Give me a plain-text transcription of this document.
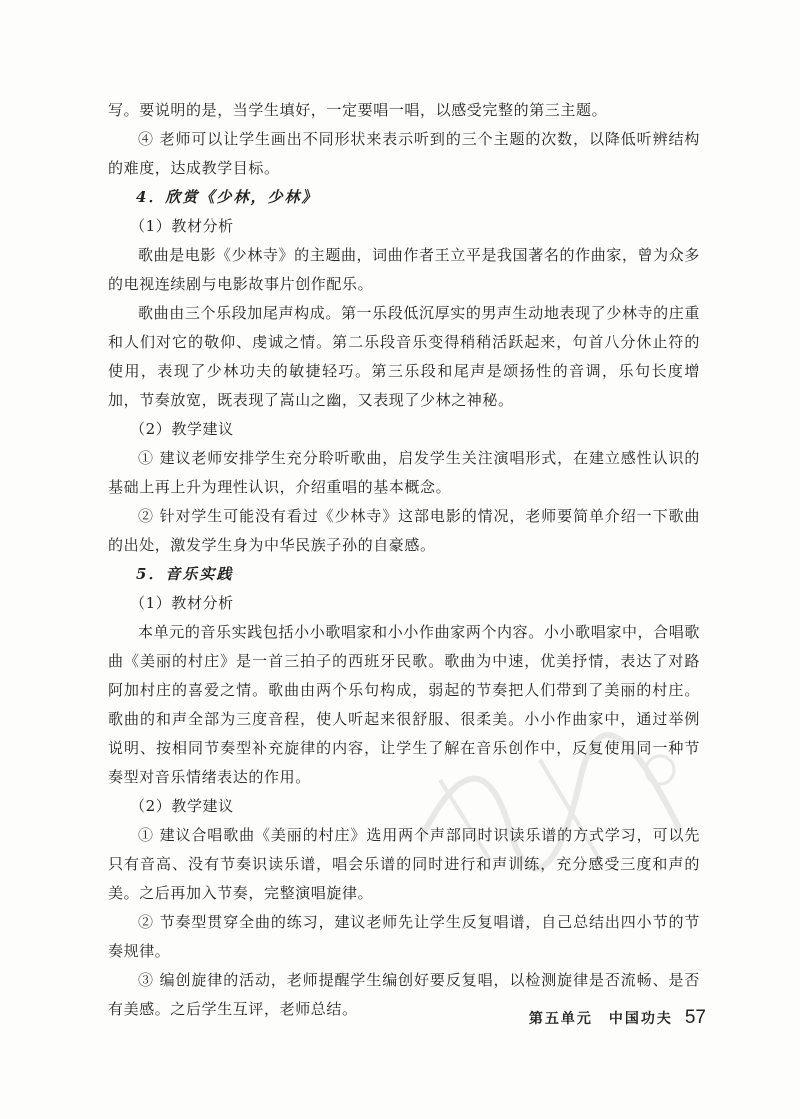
写。要说明的是，当学生填好，一定要唱一唱，以感受完整的第三主题。

④ 老师可以让学生画出不同形状来表示听到的三个主题的次数，以降低听辨结构的难度，达成教学目标。

4．欣赏《少林，少林》

（1）教材分析

歌曲是电影《少林寺》的主题曲，词曲作者王立平是我国著名的作曲家，曾为众多的电视连续剧与电影故事片创作配乐。

歌曲由三个乐段加尾声构成。第一乐段低沉厚实的男声生动地表现了少林寺的庄重和人们对它的敬仰、虔诚之情。第二乐段音乐变得稍稍活跃起来，句首八分休止符的使用，表现了少林功夫的敏捷轻巧。第三乐段和尾声是颂扬性的音调，乐句长度增加，节奏放宽，既表现了嵩山之幽，又表现了少林之神秘。

（2）教学建议

① 建议老师安排学生充分聆听歌曲，启发学生关注演唱形式，在建立感性认识的基础上再上升为理性认识，介绍重唱的基本概念。

② 针对学生可能没有看过《少林寺》这部电影的情况，老师要简单介绍一下歌曲的出处，激发学生身为中华民族子孙的自豪感。

5．音乐实践

（1）教材分析

本单元的音乐实践包括小小歌唱家和小小作曲家两个内容。小小歌唱家中，合唱歌曲《美丽的村庄》是一首三拍子的西班牙民歌。歌曲为中速，优美抒情，表达了对路阿加村庄的喜爱之情。歌曲由两个乐句构成，弱起的节奏把人们带到了美丽的村庄。歌曲的和声全部为三度音程，使人听起来很舒服、很柔美。小小作曲家中，通过举例说明、按相同节奏型补充旋律的内容，让学生了解在音乐创作中，反复使用同一种节奏型对音乐情绪表达的作用。

（2）教学建议

① 建议合唱歌曲《美丽的村庄》选用两个声部同时识读乐谱的方式学习，可以先只有音高、没有节奏识读乐谱，唱会乐谱的同时进行和声训练，充分感受三度和声的美。之后再加入节奏，完整演唱旋律。

② 节奏型贯穿全曲的练习，建议老师先让学生反复唱谱，自己总结出四小节的节奏规律。

③ 编创旋律的活动，老师提醒学生编创好要反复唱，以检测旋律是否流畅、是否有美感。之后学生互评，老师总结。

第五单元　中国功夫 57
